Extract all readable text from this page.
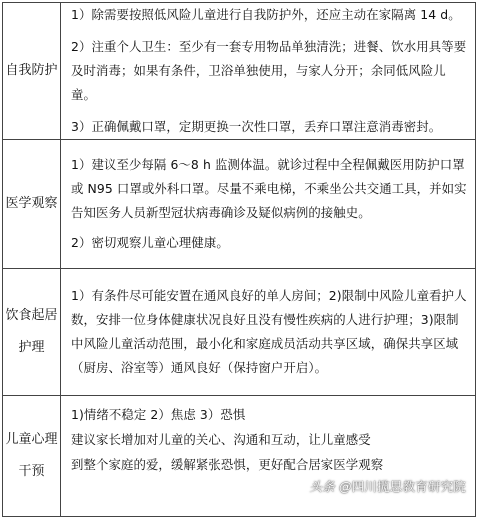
自我防护	1）除需要按照低风险儿童进行自我防护外，还应主动在家隔离 14 d。
2）注重个人卫生：至少有一套专用物品单独清洗；进餐、饮水用具等要及时消毒；如果有条件，卫浴单独使用，与家人分开；余同低风险儿童。
3）正确佩戴口罩，定期更换一次性口罩，丢弃口罩注意消毒密封。

医学观察	1）建议至少每隔 6～8 h 监测体温。就诊过程中全程佩戴医用防护口罩或 N95 口罩或外科口罩。尽量不乘电梯，不乘坐公共交通工具，并如实告知医务人员新型冠状病毒确诊及疑似病例的接触史。
2）密切观察儿童心理健康。

饮食起居
护理	1）有条件尽可能安置在通风良好的单人房间；2)限制中风险儿童看护人数，安排一位身体健康状况良好且没有慢性疾病的人进行护理；3)限制中风险儿童活动范围，最小化和家庭成员活动共享区域，确保共享区域（厨房、浴室等）通风良好（保持窗户开启）。

儿童心理
干预	1)情绪不稳定 2）焦虑 3）恐惧
建议家长增加对儿童的关心、沟通和互动，让儿童感受
到整个家庭的爱，缓解紧张恐惧，更好配合居家医学观察
头条 @四川揽思教育研究院
